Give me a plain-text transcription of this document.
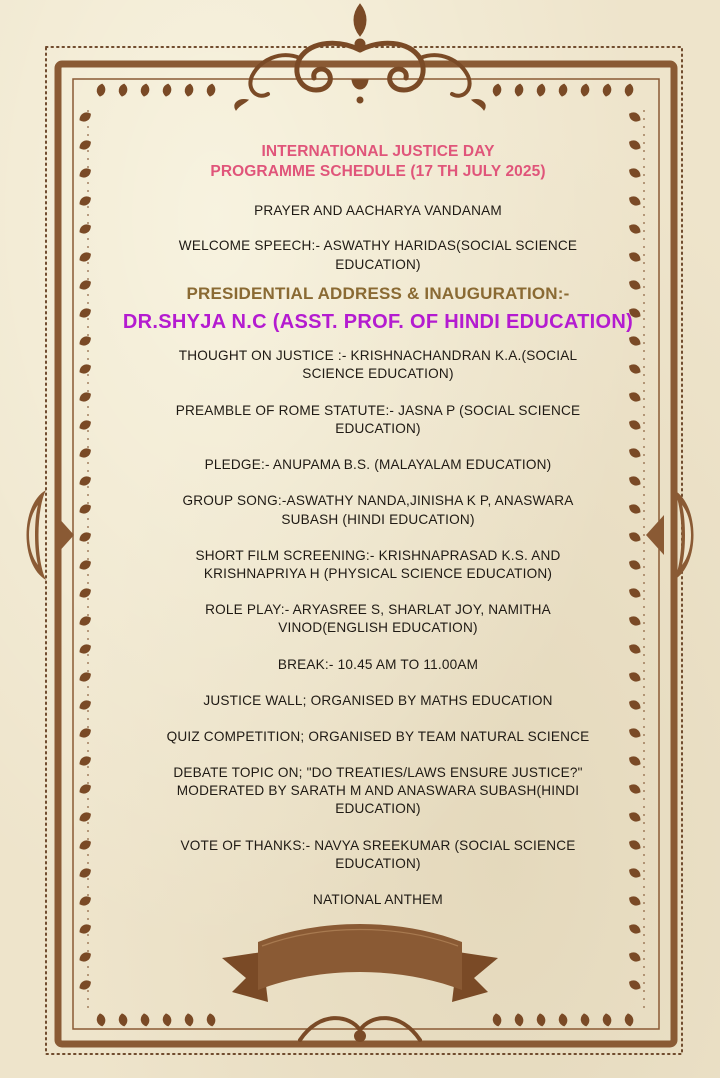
INTERNATIONAL JUSTICE DAY
PROGRAMME SCHEDULE (17 TH JULY 2025)
PRAYER AND AACHARYA VANDANAM
WELCOME SPEECH:- ASWATHY HARIDAS(SOCIAL SCIENCE
EDUCATION)
PRESIDENTIAL ADDRESS & INAUGURATION:-
DR.SHYJA N.C (ASST. PROF. OF HINDI EDUCATION)
THOUGHT ON JUSTICE :- KRISHNACHANDRAN K.A.(SOCIAL
SCIENCE EDUCATION)
PREAMBLE OF ROME STATUTE:- JASNA P (SOCIAL SCIENCE
EDUCATION)
PLEDGE:- ANUPAMA B.S. (MALAYALAM EDUCATION)
GROUP SONG:-ASWATHY NANDA,JINISHA K P, ANASWARA
SUBASH (HINDI EDUCATION)
SHORT FILM SCREENING:- KRISHNAPRASAD K.S. AND
KRISHNAPRIYA H (PHYSICAL SCIENCE EDUCATION)
ROLE PLAY:- ARYASREE S, SHARLAT JOY, NAMITHA
VINOD(ENGLISH EDUCATION)
BREAK:- 10.45 AM TO 11.00AM
JUSTICE WALL; ORGANISED BY MATHS EDUCATION
QUIZ COMPETITION; ORGANISED BY TEAM NATURAL SCIENCE
DEBATE TOPIC ON; "DO TREATIES/LAWS ENSURE JUSTICE?"
MODERATED BY SARATH M AND ANASWARA SUBASH(HINDI
EDUCATION)
VOTE OF THANKS:- NAVYA SREEKUMAR (SOCIAL SCIENCE
EDUCATION)
NATIONAL ANTHEM
